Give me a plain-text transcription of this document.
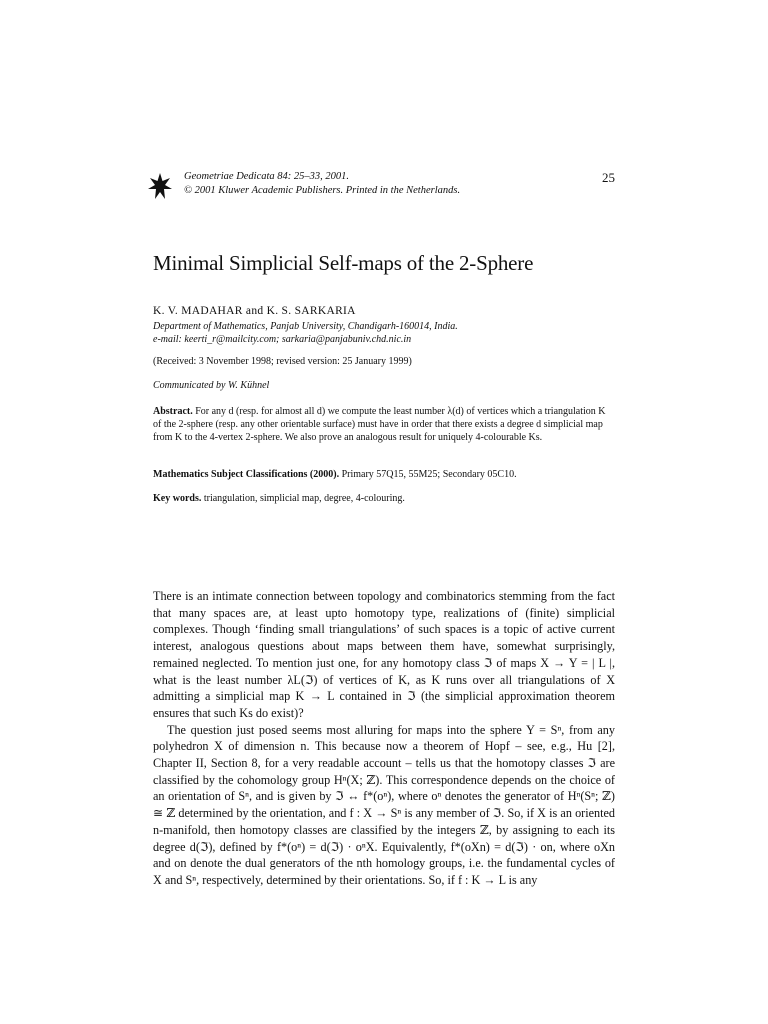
Geometriae Dedicata 84: 25–33, 2001.
© 2001 Kluwer Academic Publishers. Printed in the Netherlands.
25
Minimal Simplicial Self-maps of the 2-Sphere
K. V. MADAHAR and K. S. SARKARIA
Department of Mathematics, Panjab University, Chandigarh-160014, India.
e-mail: keerti_r@mailcity.com; sarkaria@panjabuniv.chd.nic.in
(Received: 3 November 1998; revised version: 25 January 1999)
Communicated by W. Kühnel

Abstract. For any d (resp. for almost all d) we compute the least number λ(d) of vertices which a triangulation K of the 2-sphere (resp. any other orientable surface) must have in order that there exists a degree d simplicial map from K to the 4-vertex 2-sphere. We also prove an analogous result for uniquely 4-colourable Ks.

Mathematics Subject Classifications (2000). Primary 57Q15, 55M25; Secondary 05C10.
Key words. triangulation, simplicial map, degree, 4-colouring.

There is an intimate connection between topology and combinatorics stemming from the fact that many spaces are, at least upto homotopy type, realizations of (finite) simplicial complexes. Though ‘finding small triangulations’ of such spaces is a topic of active current interest, analogous questions about maps between them have, somewhat surprisingly, remained neglected. To mention just one, for any homotopy class ℑ of maps X → Y = | L |, what is the least number λL(ℑ) of vertices of K, as K runs over all triangulations of X admitting a simplicial map K → L contained in ℑ (the simplicial approximation theorem ensures that such Ks do exist)?

The question just posed seems most alluring for maps into the sphere Y = Sⁿ, from any polyhedron X of dimension n. This because now a theorem of Hopf – see, e.g., Hu [2], Chapter II, Section 8, for a very readable account – tells us that the homotopy classes ℑ are classified by the cohomology group Hⁿ(X; ℤ). This correspondence depends on the choice of an orientation of Sⁿ, and is given by ℑ ↔ f*(oⁿ), where oⁿ denotes the generator of Hⁿ(Sⁿ; ℤ) ≅ ℤ determined by the orientation, and f : X → Sⁿ is any member of ℑ. So, if X is an oriented n-manifold, then homotopy classes are classified by the integers ℤ, by assigning to each its degree d(ℑ), defined by f*(oⁿ) = d(ℑ) · oⁿX. Equivalently, f*(oXn) = d(ℑ) · on, where oXn and on denote the dual generators of the nth homology groups, i.e. the fundamental cycles of X and Sⁿ, respectively, determined by their orientations. So, if f : K → L is any
